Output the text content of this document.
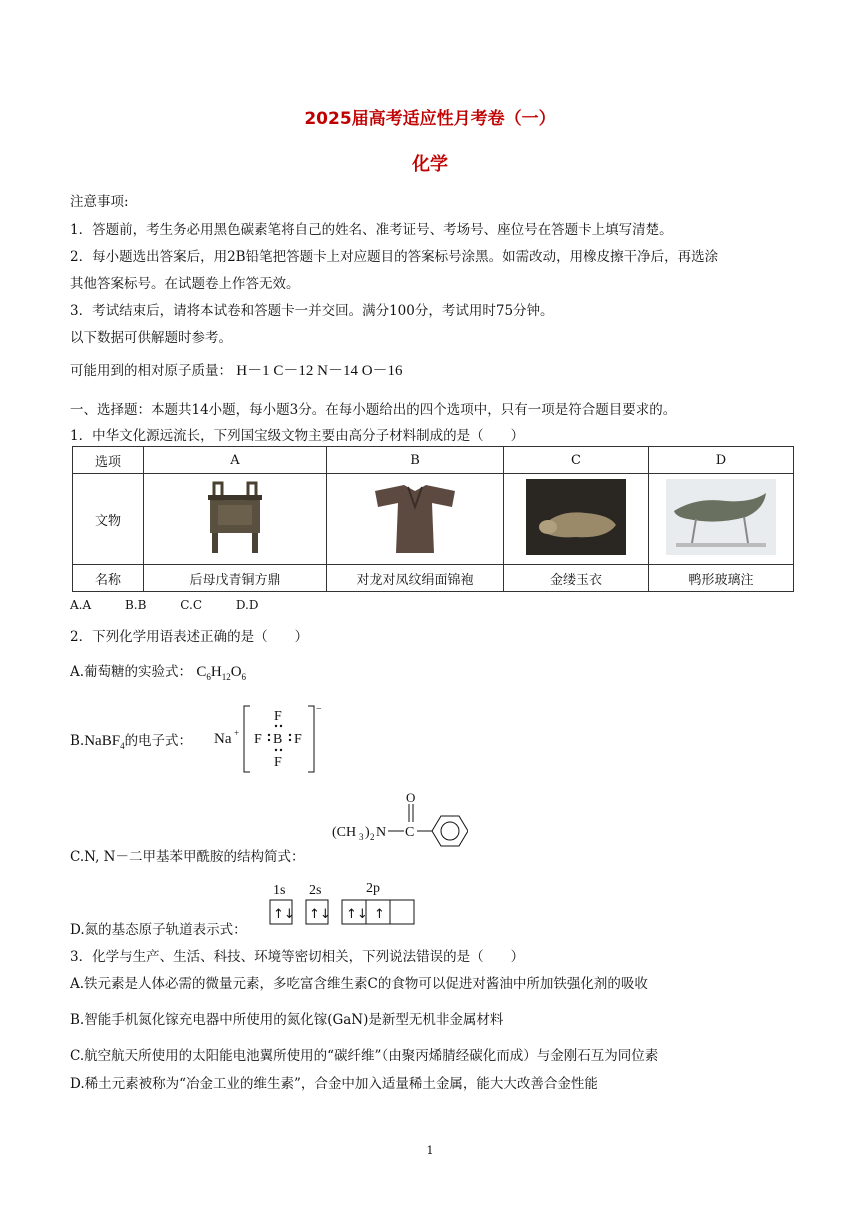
2025届高考适应性月考卷（一）
化学
注意事项:
1．答题前，考生务必用黑色碳素笔将自己的姓名、准考证号、考场号、座位号在答题卡上填写清楚。
2．每小题选出答案后，用2B铅笔把答题卡上对应题目的答案标号涂黑。如需改动，用橡皮擦干净后，再选涂
其他答案标号。在试题卷上作答无效。
3．考试结束后，请将本试卷和答题卡一并交回。满分100分，考试用时75分钟。
以下数据可供解题时参考。
可能用到的相对原子质量： H－1 C－12 N－14 O－16
一、选择题：本题共14小题，每小题3分。在每小题给出的四个选项中，只有一项是符合题目要求的。
1．中华文化源远流长，下列国宝级文物主要由高分子材料制成的是（　　）
选项	A	B	C	D
文物				
名称	后母戊青铜方鼎	对龙对凤纹绢面锦袍	金缕玉衣	鸭形玻璃注
A.A	B.B	C.C	D.D
2．下列化学用语表述正确的是（　　）
A.葡萄糖的实验式： $C_6H_{12}O_6$
B.NaBF$_4$的电子式： Na +
−
F
F B F
F
C.N, N－二甲基苯甲酰胺的结构简式：
(CH 3 ) 2 N C
O
D.氮的基态原子轨道表示式：
1s 2s	2p
↑↓ ↑↓ ↑↓ ↑
3．化学与生产、生活、科技、环境等密切相关，下列说法错误的是（　　）
A.铁元素是人体必需的微量元素，多吃富含维生素C的食物可以促进对酱油中所加铁强化剂的吸收
B.智能手机氮化镓充电器中所使用的氮化镓(GaN)是新型无机非金属材料
C.航空航天所使用的太阳能电池翼所使用的“碳纤维”（由聚丙烯腈经碳化而成）与金刚石互为同位素
D.稀土元素被称为“冶金工业的维生素”，合金中加入适量稀土金属，能大大改善合金性能
1
